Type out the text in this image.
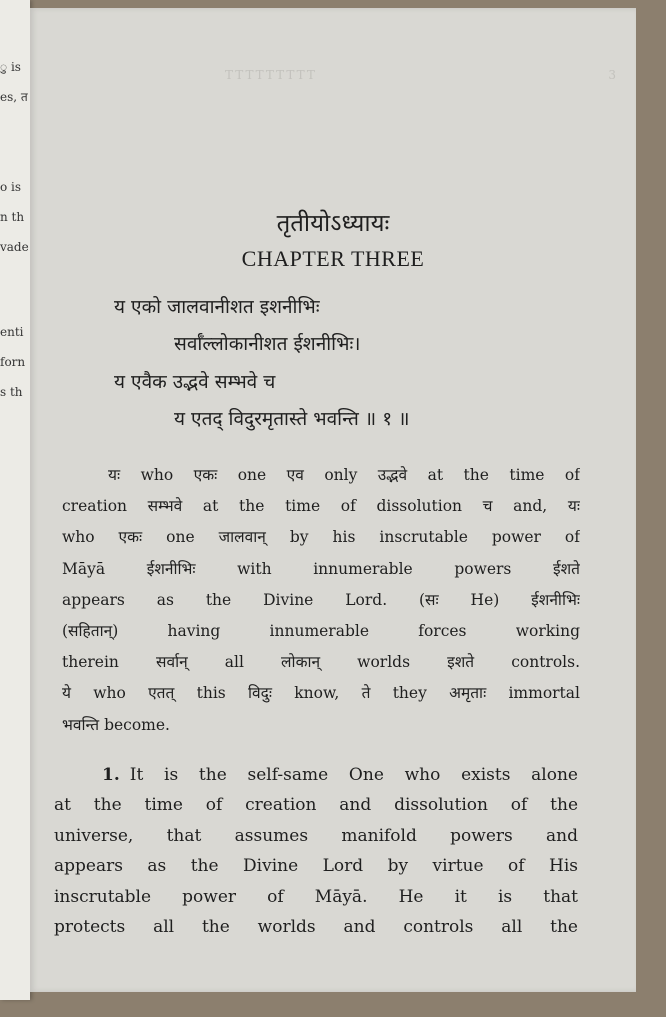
ु is
es, त
o is
n th
vade
enti
forn
s th
TTTTTTTTT	3
तृतीयोऽध्यायः
CHAPTER THREE
य एको जालवानीशत इशनीभिः
सर्वाँल्लोकानीशत ईशनीभिः।
य एवैक उद्भवे सम्भवे च
य एतद् विदुरमृतास्ते भवन्ति ॥ १ ॥
यः who एकः one एव only उद्भवे at the time of
creation सम्भवे at the time of dissolution च and, यः
who एकः one जालवान् by his inscrutable power of
Māyā ईशनीभिः with innumerable powers ईशते
appears as the Divine Lord. (सः He) ईशनीभिः
(सहितान्) having innumerable forces working
therein सर्वान् all लोकान् worlds इशते controls.
ये who एतत् this विदुः know, ते they अमृताः immortal
भवन्ति become.
1. It is the self-same One who exists alone
at the time of creation and dissolution of the
universe, that assumes manifold powers and
appears as the Divine Lord by virtue of His
inscrutable power of Māyā. He it is that
protects all the worlds and controls all the
